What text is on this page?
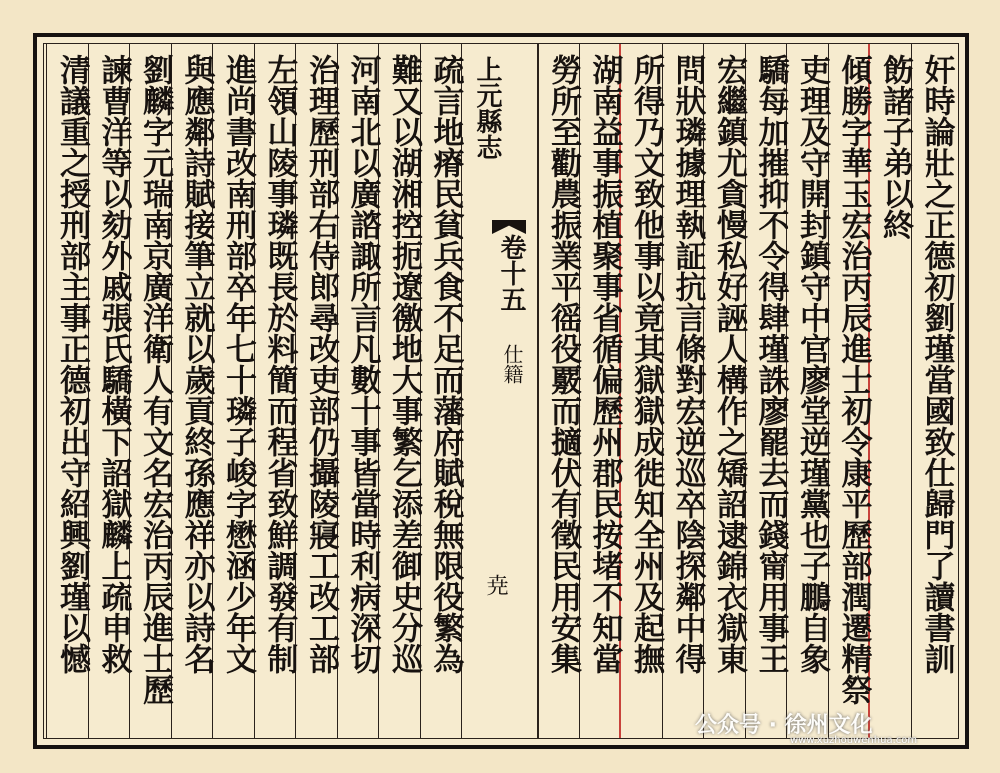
奸時論壯之正德初劉瑾當國致仕歸門了讀書訓
飭諸子弟以終
傾勝字華玉宏治丙辰進士初令康平歷部潤遷精祭
吏理及守開封鎮守中官廖堂逆瑾黨也子鵬自象
驕每加摧抑不令得肆瑾誅廖罷去而錢甯用事王
宏繼鎮尤貪慢私好誣人構作之矯詔逮錦衣獄東
問狀璘據理執証抗言條對宏逆巡卒陰探鄰中得
所得乃文致他事以竟其獄獄成徙知全州及起撫
湖南益事振植聚事省循偏歷州郡民按堵不知當
勞所至勸農振業平徭役覈而擿伏有徵民用安集
上元縣志
卷十五
仕籍
尭
疏言地瘠民貧兵食不足而藩府賦稅無限役繁為
難又以湖湘控扼遼徼地大事繁乞添差御史分巡
河南北以廣諮諏所言凡數十事皆當時利病深切
治理歷刑部右侍郎尋改吏部仍攝陵寢工改工部
左領山陵事璘既長於料簡而程省致鮮調發有制
進尚書改南刑部卒年七十璘子峻字懋涵少年文
與應鄰詩賦接筆立就以歲貢終孫應祥亦以詩名
劉麟字元瑞南京廣洋衛人有文名宏治丙辰進士歷
諫曹洋等以劾外戚張氏驕橫下詔獄麟上疏申救
清議重之授刑部主事正德初出守紹興劉瑾以憾
公众号 · 徐州文化
www.xuzhouwenhua.com
